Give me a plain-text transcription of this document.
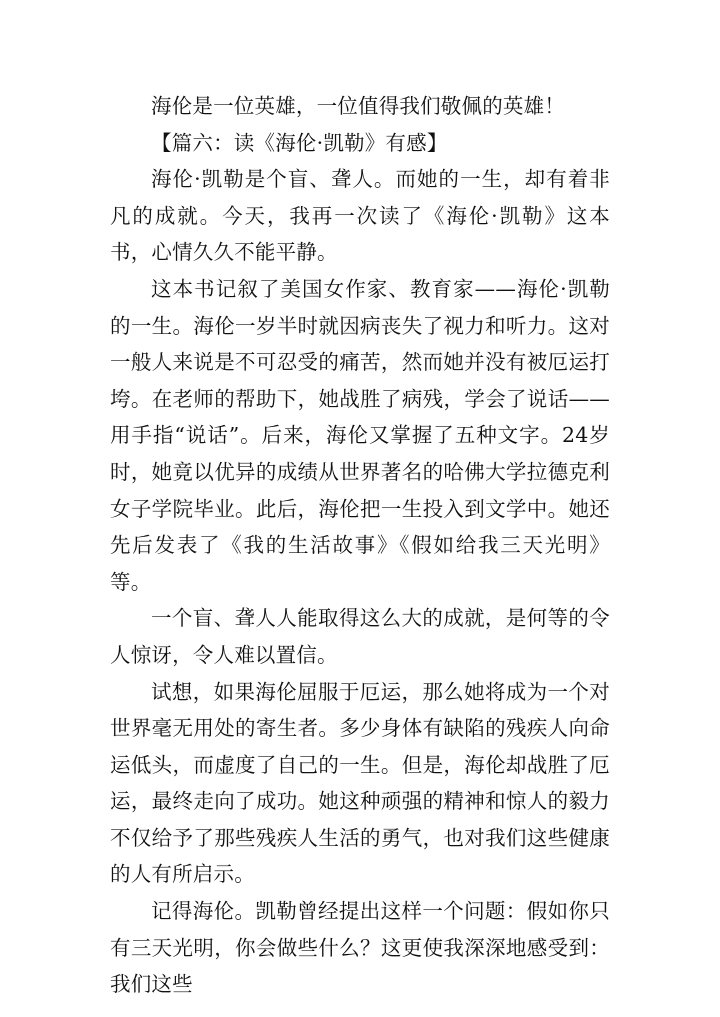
海伦是一位英雄，一位值得我们敬佩的英雄！

【篇六：读《海伦·凯勒》有感】

海伦·凯勒是个盲、聋人。而她的一生，却有着非凡的成就。今天，我再一次读了《海伦·凯勒》这本书，心情久久不能平静。

这本书记叙了美国女作家、教育家——海伦·凯勒的一生。海伦一岁半时就因病丧失了视力和听力。这对一般人来说是不可忍受的痛苦，然而她并没有被厄运打垮。在老师的帮助下，她战胜了病残，学会了说话——用手指“说话”。后来，海伦又掌握了五种文字。24岁时，她竟以优异的成绩从世界著名的哈佛大学拉德克利女子学院毕业。此后，海伦把一生投入到文学中。她还先后发表了《我的生活故事》《假如给我三天光明》等。

一个盲、聋人人能取得这么大的成就，是何等的令人惊讶，令人难以置信。

试想，如果海伦屈服于厄运，那么她将成为一个对世界毫无用处的寄生者。多少身体有缺陷的残疾人向命运低头，而虚度了自己的一生。但是，海伦却战胜了厄运，最终走向了成功。她这种顽强的精神和惊人的毅力不仅给予了那些残疾人生活的勇气，也对我们这些健康的人有所启示。

记得海伦。凯勒曾经提出这样一个问题：假如你只有三天光明，你会做些什么？这更使我深深地感受到：我们这些
